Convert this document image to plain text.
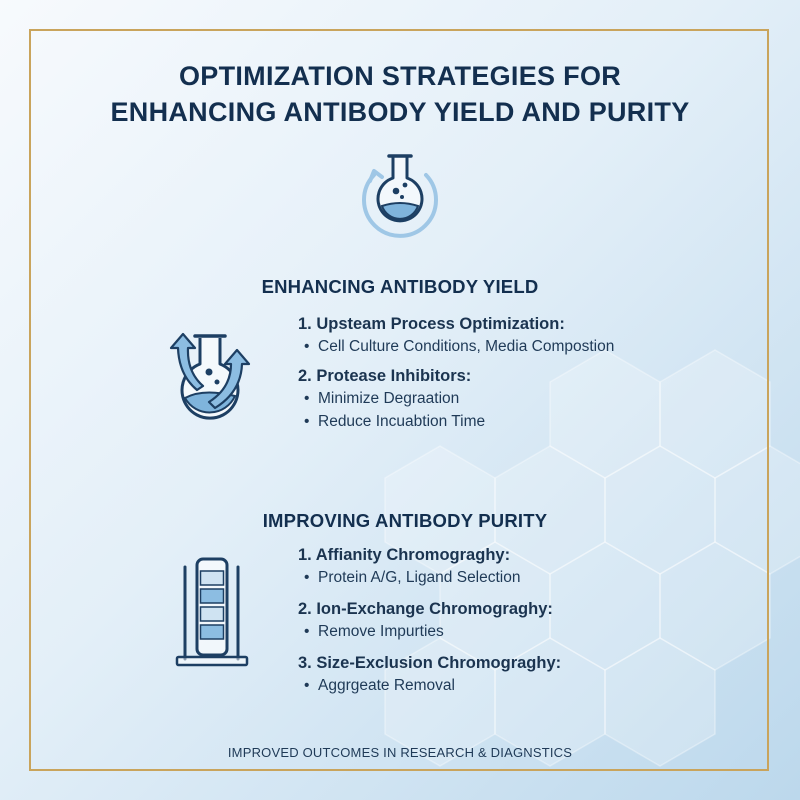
OPTIMIZATION STRATEGIES FOR
ENHANCING ANTIBODY YIELD AND PURITY
ENHANCING ANTIBODY YIELD
1. Upsteam Process Optimization:
• Cell Culture Conditions, Media Compostion
2. Protease Inhibitors:
• Minimize Degraation
• Reduce Incuabtion Time
IMPROVING ANTIBODY PURITY
1. Affianity Chromograghy:
• Protein A/G, Ligand Selection
2. Ion-Exchange Chromograghy:
• Remove Impurties
3. Size-Exclusion Chromograghy:
• Aggrgeate Removal

IMPROVED OUTCOMES IN RESEARCH & DIAGNSTICS
